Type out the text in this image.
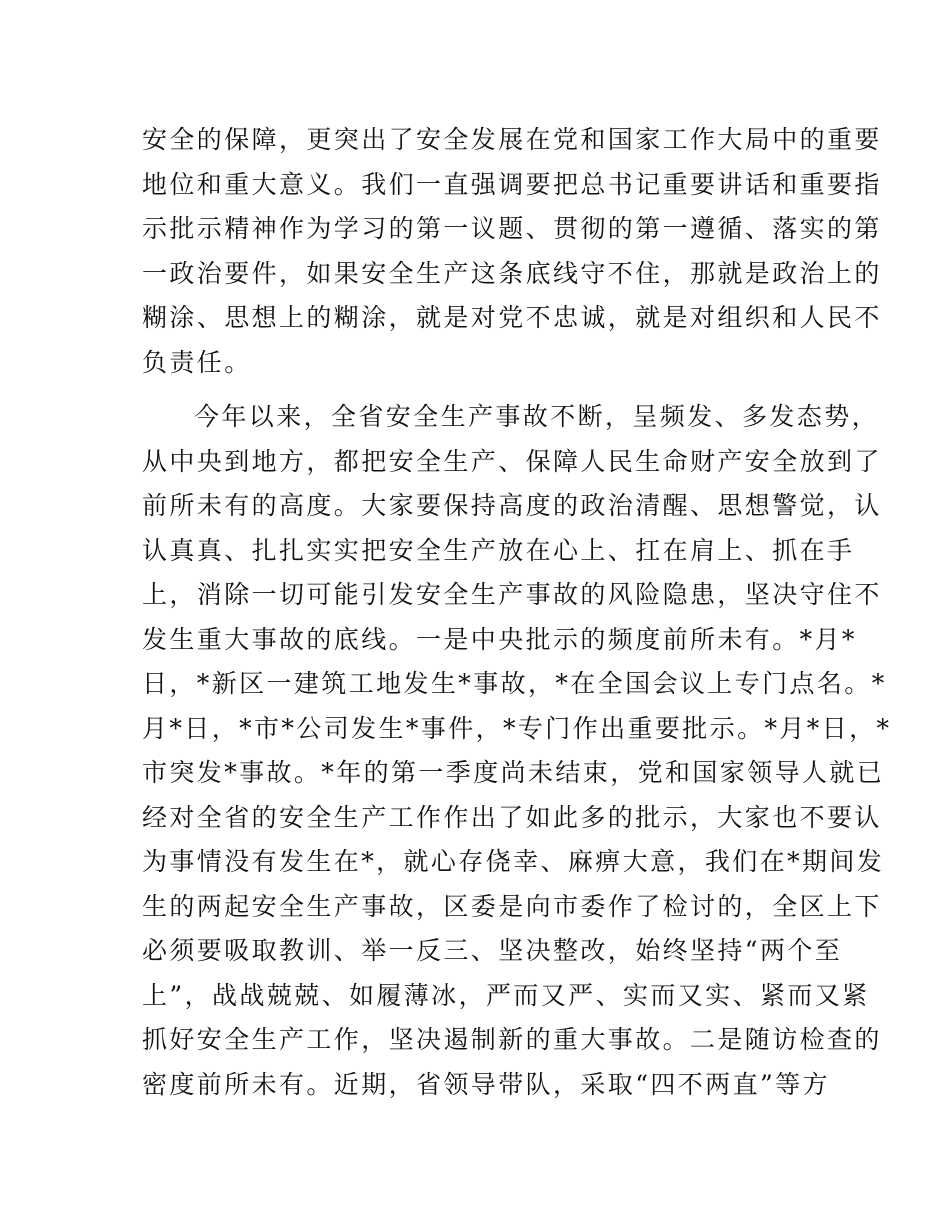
安全的保障，更突出了安全发展在党和国家工作大局中的重要
地位和重大意义。我们一直强调要把总书记重要讲话和重要指
示批示精神作为学习的第一议题、贯彻的第一遵循、落实的第
一政治要件，如果安全生产这条底线守不住，那就是政治上的
糊涂、思想上的糊涂，就是对党不忠诚，就是对组织和人民不
负责任。
今年以来，全省安全生产事故不断，呈频发、多发态势，
从中央到地方，都把安全生产、保障人民生命财产安全放到了
前所未有的高度。大家要保持高度的政治清醒、思想警觉，认
认真真、扎扎实实把安全生产放在心上、扛在肩上、抓在手
上，消除一切可能引发安全生产事故的风险隐患，坚决守住不
发生重大事故的底线。一是中央批示的频度前所未有。*月*
日，*新区一建筑工地发生*事故，*在全国会议上专门点名。*
月*日，*市*公司发生*事件，*专门作出重要批示。*月*日，*
市突发*事故。*年的第一季度尚未结束，党和国家领导人就已
经对全省的安全生产工作作出了如此多的批示，大家也不要认
为事情没有发生在*，就心存侥幸、麻痹大意，我们在*期间发
生的两起安全生产事故，区委是向市委作了检讨的，全区上下
必须要吸取教训、举一反三、坚决整改，始终坚持“两个至
上”，战战兢兢、如履薄冰，严而又严、实而又实、紧而又紧
抓好安全生产工作，坚决遏制新的重大事故。二是随访检查的
密度前所未有。近期，省领导带队，采取“四不两直”等方
